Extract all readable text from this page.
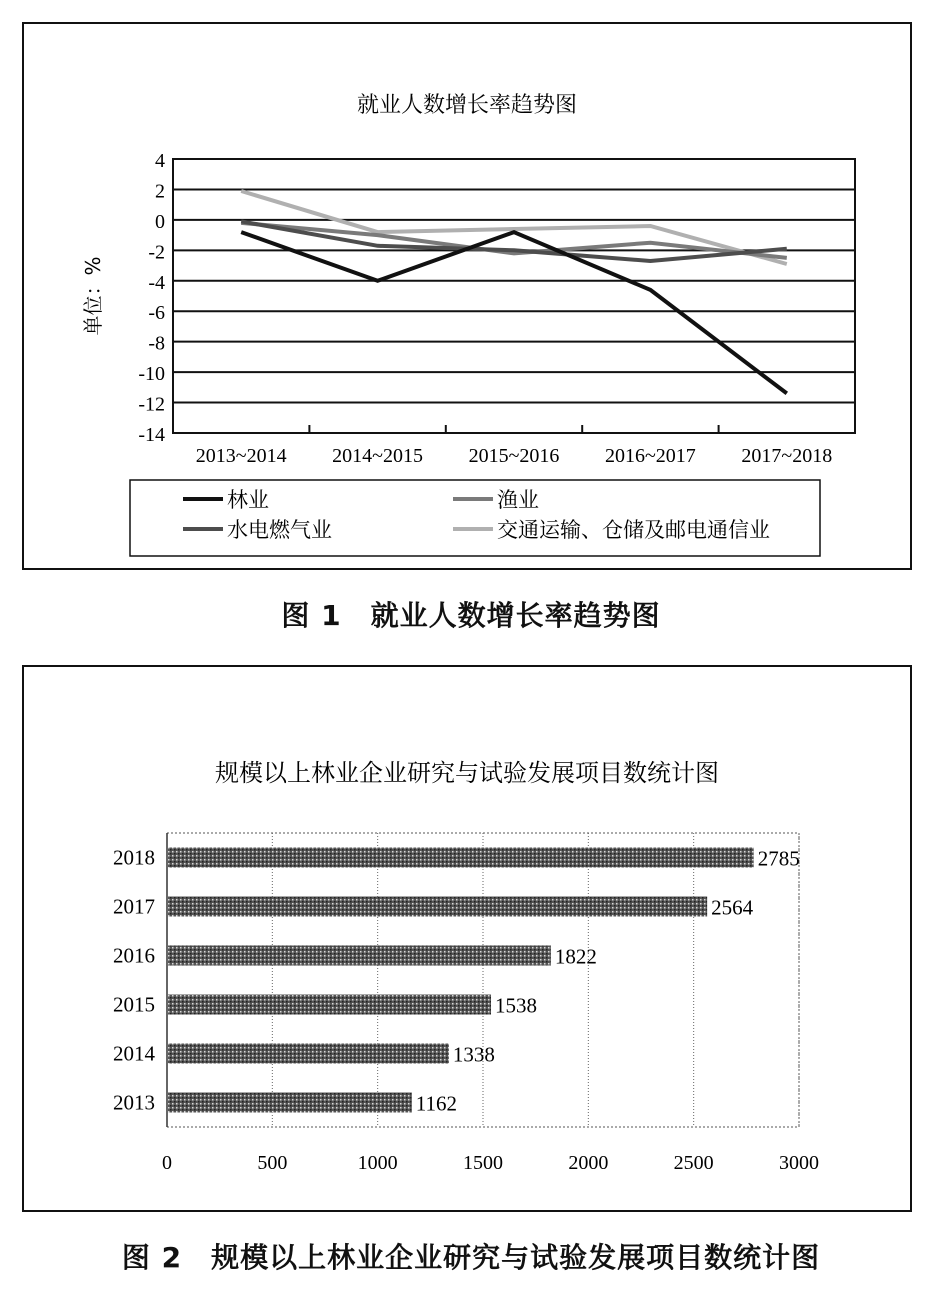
就业人数增长率趋势图
4
2
0
-2
-4
-6
-8
-10
-12
-14
2013~2014 2014~2015 2015~2016 2016~2017 2017~2018
单位：%
林业	渔业
水电燃气业	交通运输、仓储及邮电通信业
图 1　就业人数增长率趋势图
规模以上林业企业研究与试验发展项目数统计图
0	500	1000	1500	2000	2500	3000
2018	2785
2017	2564
2016	1822
2015	1538
2014	1338
2013	1162
图 2　规模以上林业企业研究与试验发展项目数统计图
